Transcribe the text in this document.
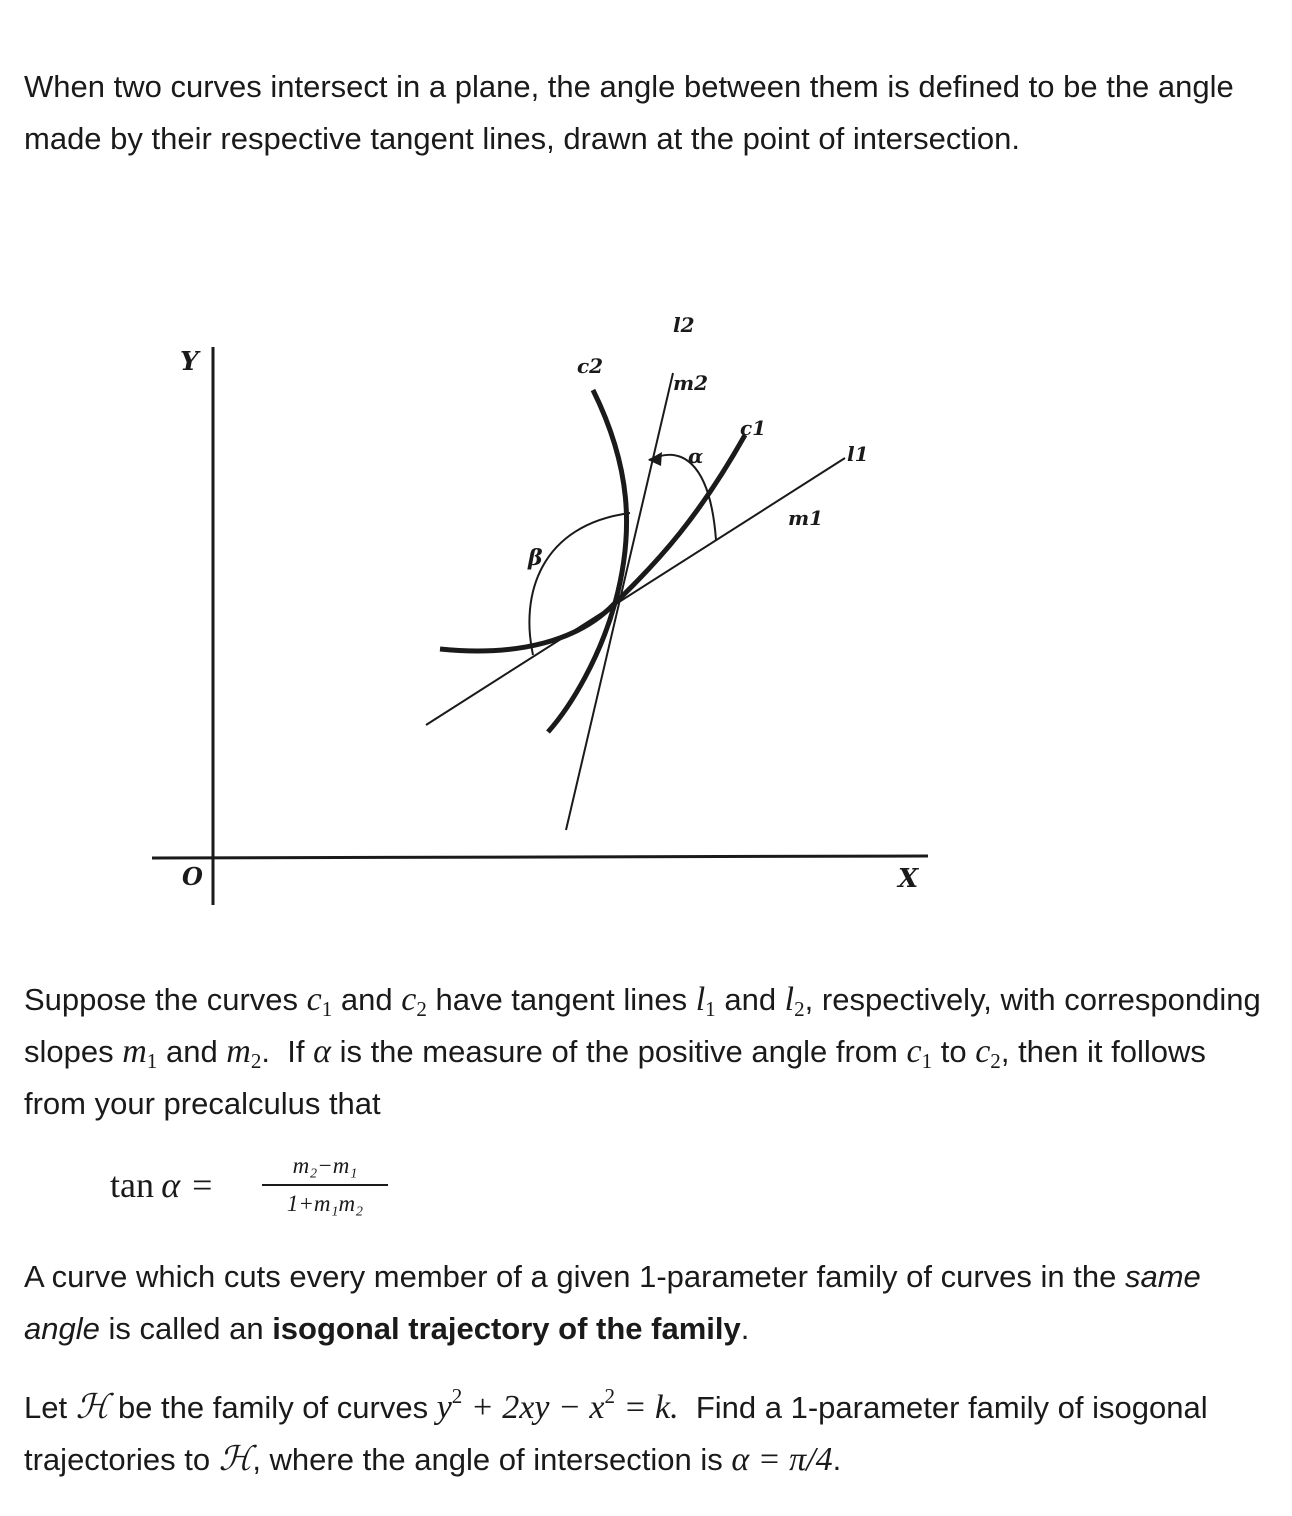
When two curves intersect in a plane, the angle between them is defined to be the angle made by their respective tangent lines, drawn at the point of intersection.
Y
X
O
c2
c1
l2
l1
m2
m1
α
β
Suppose the curves $c_1$ and $c_2$ have tangent lines $l_1$ and $l_2$, respectively, with corresponding slopes $m_1$ and $m_2$.  If α is the measure of the positive angle from $c_1$ to $c_2$, then it follows from your precalculus that
tan  α  =	m₂−m₁
1+m₁m₂
A curve which cuts every member of a given 1-parameter family of curves in the same angle is called an isogonal trajectory of the family.
Let ℋ be the family of curves $y^2 + 2xy - x^2 = k$.  Find a 1-parameter family of isogonal trajectories to ℋ, where the angle of intersection is α = π/4.
